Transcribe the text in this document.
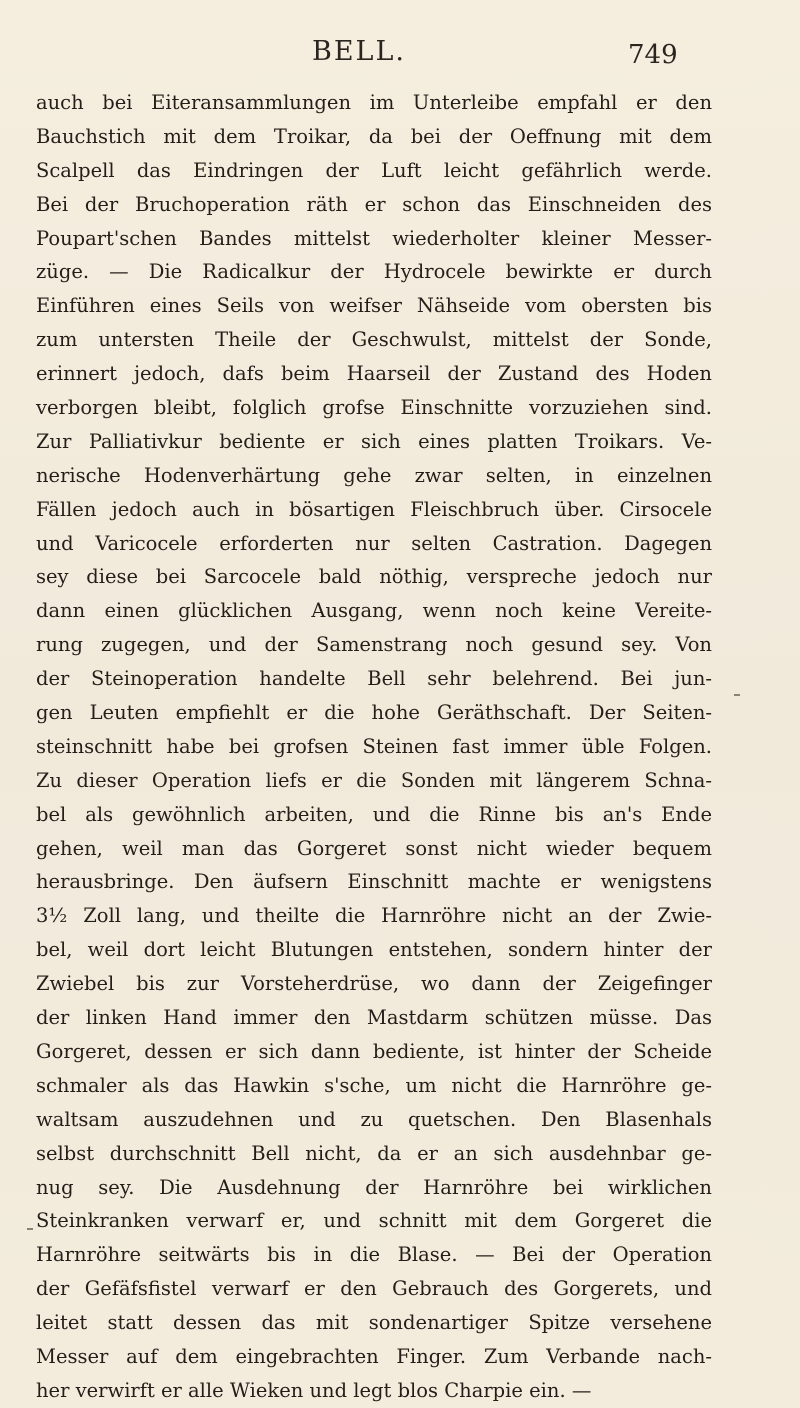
BELL.	749
auch bei Eiteransammlungen im Unterleibe empfahl er den
Bauchstich mit dem Troikar, da bei der Oeffnung mit dem
Scalpell das Eindringen der Luft leicht gefährlich werde.
Bei der Bruchoperation räth er schon das Einschneiden des
Poupart'schen Bandes mittelst wiederholter kleiner Messer-
züge. — Die Radicalkur der Hydrocele bewirkte er durch
Einführen eines Seils von weifser Nähseide vom obersten bis
zum untersten Theile der Geschwulst, mittelst der Sonde,
erinnert jedoch, dafs beim Haarseil der Zustand des Hoden
verborgen bleibt, folglich grofse Einschnitte vorzuziehen sind.
Zur Palliativkur bediente er sich eines platten Troikars. Ve-
nerische Hodenverhärtung gehe zwar selten, in einzelnen
Fällen jedoch auch in bösartigen Fleischbruch über. Cirsocele
und Varicocele erforderten nur selten Castration. Dagegen
sey diese bei Sarcocele bald nöthig, verspreche jedoch nur
dann einen glücklichen Ausgang, wenn noch keine Vereite-
rung zugegen, und der Samenstrang noch gesund sey. Von
der Steinoperation handelte Bell sehr belehrend. Bei jun-
gen Leuten empfiehlt er die hohe Geräthschaft. Der Seiten-
steinschnitt habe bei grofsen Steinen fast immer üble Folgen.
Zu dieser Operation liefs er die Sonden mit längerem Schna-
bel als gewöhnlich arbeiten, und die Rinne bis an's Ende
gehen, weil man das Gorgeret sonst nicht wieder bequem
herausbringe. Den äufsern Einschnitt machte er wenigstens
3½ Zoll lang, und theilte die Harnröhre nicht an der Zwie-
bel, weil dort leicht Blutungen entstehen, sondern hinter der
Zwiebel bis zur Vorsteherdrüse, wo dann der Zeigefinger
der linken Hand immer den Mastdarm schützen müsse. Das
Gorgeret, dessen er sich dann bediente, ist hinter der Scheide
schmaler als das Hawkin s'sche, um nicht die Harnröhre ge-
waltsam auszudehnen und zu quetschen. Den Blasenhals
selbst durchschnitt Bell nicht, da er an sich ausdehnbar ge-
nug sey. Die Ausdehnung der Harnröhre bei wirklichen
Steinkranken verwarf er, und schnitt mit dem Gorgeret die
Harnröhre seitwärts bis in die Blase. — Bei der Operation
der Gefäfsfistel verwarf er den Gebrauch des Gorgerets, und
leitet statt dessen das mit sondenartiger Spitze versehene
Messer auf dem eingebrachten Finger. Zum Verbande nach-
her verwirft er alle Wieken und legt blos Charpie ein. —
